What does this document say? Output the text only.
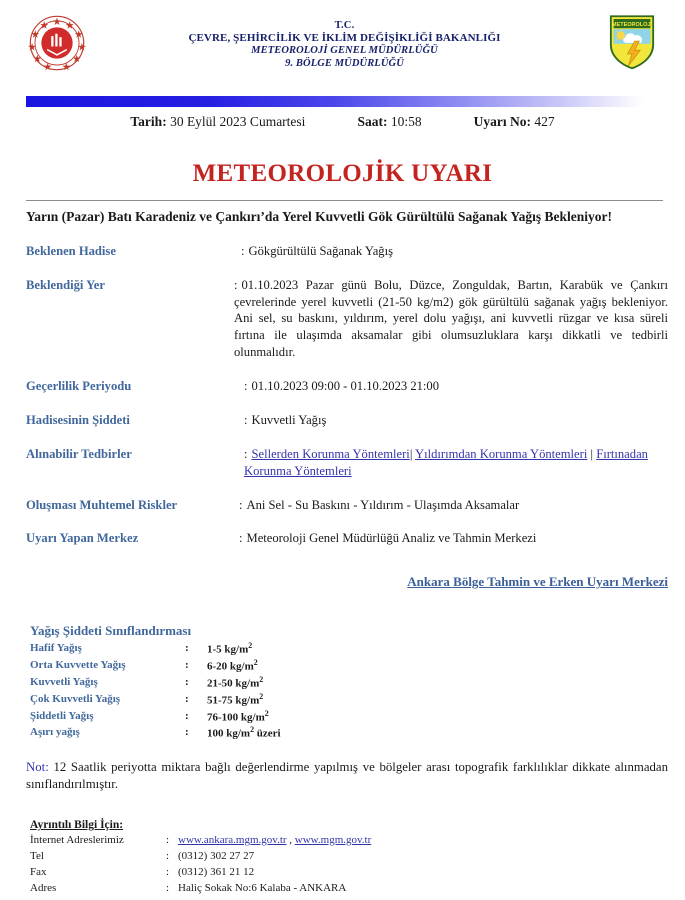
T.C.
ÇEVRE, ŞEHİRCİLİK VE İKLİM DEĞİŞİKLİĞİ BAKANLIĞI
METEOROLOJİ GENEL MÜDÜRLÜĞÜ
9. BÖLGE MÜDÜRLÜĞÜ
METEOROLOJİ
Tarih: 30 Eylül 2023 Cumartesi	Saat: 10:58	Uyarı No: 427
METEOROLOJİK UYARI
Yarın (Pazar) Batı Karadeniz ve Çankırı’da Yerel Kuvvetli Gök Gürültülü Sağanak Yağış Bekleniyor!
Beklenen Hadise	: Gökgürültülü Sağanak Yağış
Beklendiği Yer	: 01.10.2023 Pazar günü Bolu, Düzce, Zonguldak, Bartın, Karabük ve Çankırı çevrelerinde yerel kuvvetli (21-50 kg/m2) gök gürültülü sağanak yağış bekleniyor. Ani sel, su baskını, yıldırım, yerel dolu yağışı, ani kuvvetli rüzgar ve kısa süreli fırtına ile ulaşımda aksamalar gibi olumsuzluklara karşı dikkatli ve tedbirli olunmalıdır.
Geçerlilik Periyodu	: 01.10.2023 09:00 - 01.10.2023 21:00
Hadisesinin Şiddeti	: Kuvvetli Yağış
Alınabilir Tedbirler	: Sellerden Korunma Yöntemleri| Yıldırımdan Korunma Yöntemleri | Fırtınadan Korunma Yöntemleri
Oluşması Muhtemel Riskler	: Ani Sel - Su Baskını - Yıldırım - Ulaşımda Aksamalar
Uyarı Yapan Merkez	: Meteoroloji Genel Müdürlüğü Analiz ve Tahmin Merkezi
Ankara Bölge Tahmin ve Erken Uyarı Merkezi
Yağış Şiddeti Sınıflandırması
Hafif Yağış	:	1-5 $kg/m^2$
Orta Kuvvette Yağış	:	6-20 $kg/m^2$
Kuvvetli Yağış	:	21-50 $kg/m^2$
Çok Kuvvetli Yağış	:	51-75 $kg/m^2$
Şiddetli Yağış	:	76-100 $kg/m^2$
Aşırı yağış	:	100 $kg/m^2$ üzeri
Not: 12 Saatlik periyotta miktara bağlı değerlendirme yapılmış ve bölgeler arası topografik farklılıklar dikkate alınmadan sınıflandırılmıştır.
Ayrıntılı Bilgi İçin:
İnternet Adreslerimiz	:	www.ankara.mgm.gov.tr , www.mgm.gov.tr
Tel	:	(0312) 302 27 27
Fax	:	(0312) 361 21 12
Adres	:	Haliç Sokak No:6 Kalaba - ANKARA
